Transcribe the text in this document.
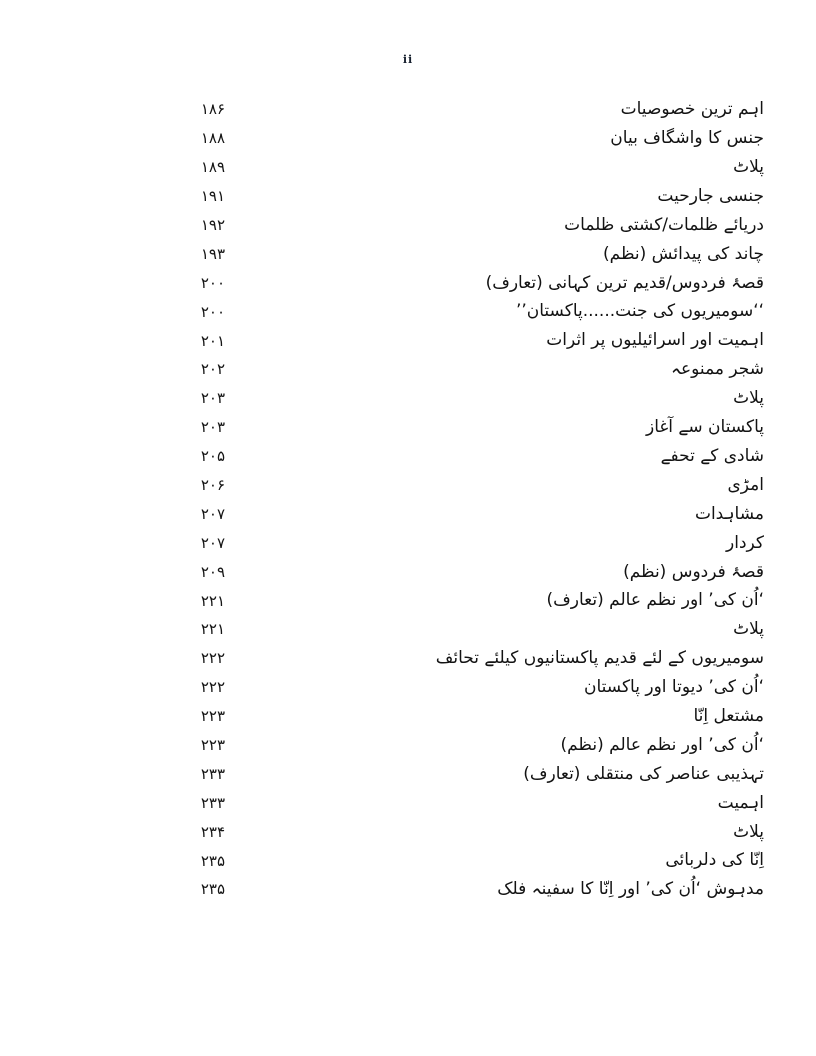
ii
۱۸۶	اہم ترین خصوصیات
۱۸۸	جنس کا واشگاف بیان
۱۸۹	پلاٹ
۱۹۱	جنسی جارحیت
۱۹۲	دریائے ظلمات/کشتی ظلمات
۱۹۳	چاند کی پیدائش (نظم)
۲۰۰	قصۂ فردوس/قدیم ترین کہانی (تعارف)
۲۰۰	‘‘سومیریوں کی جنت......پاکستان’’
۲۰۱	اہمیت اور اسرائیلیوں پر اثرات
۲۰۲	شجر ممنوعہ
۲۰۳	پلاٹ
۲۰۳	پاکستان سے آغاز
۲۰۵	شادی کے تحفے
۲۰۶	امڑی
۲۰۷	مشاہدات
۲۰۷	کردار
۲۰۹	قصۂ فردوس (نظم)
۲۲۱	‘اُن کی’ اور نظم عالم (تعارف)
۲۲۱	پلاٹ
۲۲۲	سومیریوں کے لئے قدیم پاکستانیوں کیلئے تحائف
۲۲۲	‘اُن کی’ دیوتا اور پاکستان
۲۲۳	مشتعل اِنّا
۲۲۳	‘اُن کی’ اور نظم عالم (نظم)
۲۳۳	تہذیبی عناصر کی منتقلی (تعارف)
۲۳۳	اہمیت
۲۳۴	پلاٹ
۲۳۵	اِنّا کی دلربائی
۲۳۵	مدہوش ‘اُن کی’ اور اِنّا کا سفینہ فلک
